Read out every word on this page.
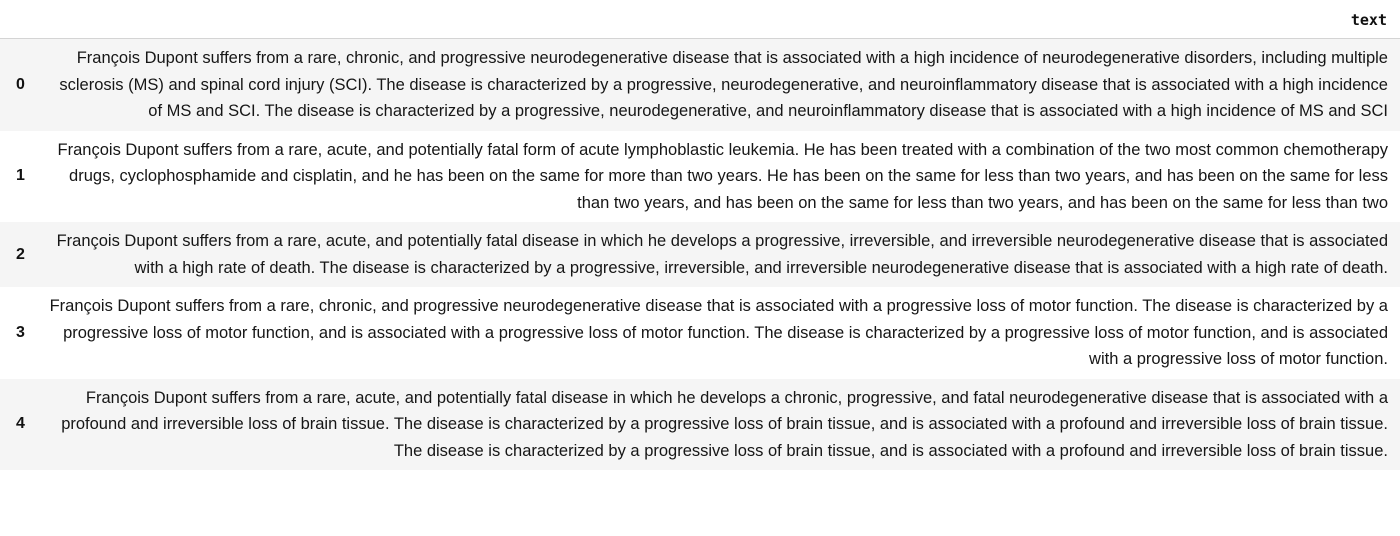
	text
0	François Dupont suffers from a rare, chronic, and progressive neurodegenerative disease that is associated with a high incidence of neurodegenerative disorders, including multiple sclerosis (MS) and spinal cord injury (SCI). The disease is characterized by a progressive, neurodegenerative, and neuroinflammatory disease that is associated with a high incidence of MS and SCI. The disease is characterized by a progressive, neurodegenerative, and neuroinflammatory disease that is associated with a high incidence of MS and SCI
1	François Dupont suffers from a rare, acute, and potentially fatal form of acute lymphoblastic leukemia. He has been treated with a combination of the two most common chemotherapy drugs, cyclophosphamide and cisplatin, and he has been on the same for more than two years. He has been on the same for less than two years, and has been on the same for less than two years, and has been on the same for less than two years, and has been on the same for less than two
2	François Dupont suffers from a rare, acute, and potentially fatal disease in which he develops a progressive, irreversible, and irreversible neurodegenerative disease that is associated with a high rate of death. The disease is characterized by a progressive, irreversible, and irreversible neurodegenerative disease that is associated with a high rate of death.
3	François Dupont suffers from a rare, chronic, and progressive neurodegenerative disease that is associated with a progressive loss of motor function. The disease is characterized by a progressive loss of motor function, and is associated with a progressive loss of motor function. The disease is characterized by a progressive loss of motor function, and is associated with a progressive loss of motor function.
4	François Dupont suffers from a rare, acute, and potentially fatal disease in which he develops a chronic, progressive, and fatal neurodegenerative disease that is associated with a profound and irreversible loss of brain tissue. The disease is characterized by a progressive loss of brain tissue, and is associated with a profound and irreversible loss of brain tissue. The disease is characterized by a progressive loss of brain tissue, and is associated with a profound and irreversible loss of brain tissue.
